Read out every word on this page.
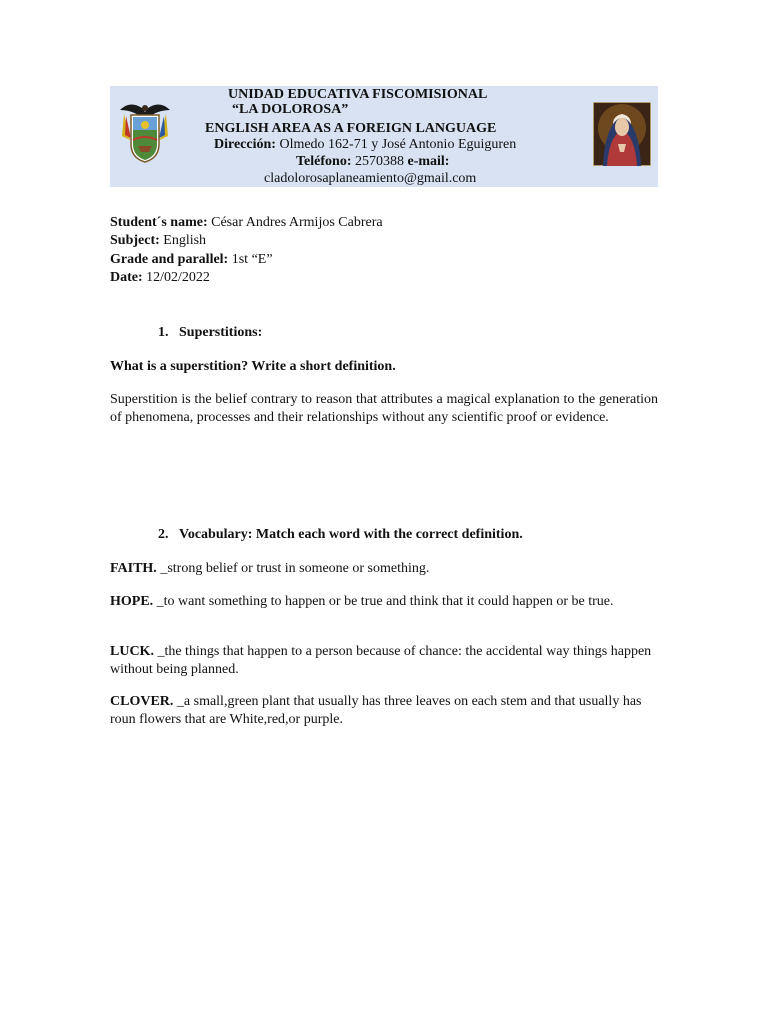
UNIDAD EDUCATIVA FISCOMISIONAL
“LA DOLOROSA”
ENGLISH AREA AS A FOREIGN LANGUAGE
Dirección: Olmedo 162-71 y José Antonio Eguiguren
Teléfono: 2570388 e-mail:
cladolorosaplaneamiento@gmail.com
Student´s name: César Andres Armijos Cabrera
Subject: English
Grade and parallel: 1st “E”
Date: 12/02/2022
1. Superstitions:
What is a superstition? Write a short definition.
Superstition is the belief contrary to reason that attributes a magical explanation to the generation of phenomena, processes and their relationships without any scientific proof or evidence.
2. Vocabulary: Match each word with the correct definition.
FAITH. _strong belief or trust in someone or something.
HOPE. _to want something to happen or be true and think that it could happen or be true.
LUCK. _the things that happen to a person because of chance: the accidental way things happen without being planned.
CLOVER. _a small,green plant that usually has three leaves on each stem and that usually has roun flowers that are White,red,or purple.
